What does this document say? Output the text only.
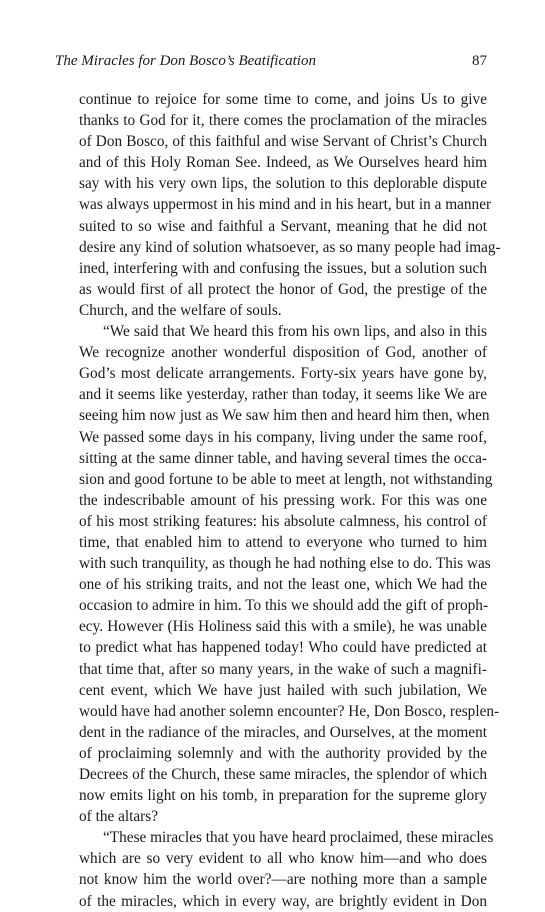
The Miracles for Don Bosco’s Beatification	87
continue to rejoice for some time to come, and joins Us to give
thanks to God for it, there comes the proclamation of the miracles
of Don Bosco, of this faithful and wise Servant of Christ’s Church
and of this Holy Roman See. Indeed, as We Ourselves heard him
say with his very own lips, the solution to this deplorable dispute
was always uppermost in his mind and in his heart, but in a manner
suited to so wise and faithful a Servant, meaning that he did not
desire any kind of solution whatsoever, as so many people had imag-
ined, interfering with and confusing the issues, but a solution such
as would first of all protect the honor of God, the prestige of the
Church, and the welfare of souls.
“We said that We heard this from his own lips, and also in this
We recognize another wonderful disposition of God, another of
God’s most delicate arrangements. Forty-six years have gone by,
and it seems like yesterday, rather than today, it seems like We are
seeing him now just as We saw him then and heard him then, when
We passed some days in his company, living under the same roof,
sitting at the same dinner table, and having several times the occa-
sion and good fortune to be able to meet at length, not withstanding
the indescribable amount of his pressing work. For this was one
of his most striking features: his absolute calmness, his control of
time, that enabled him to attend to everyone who turned to him
with such tranquility, as though he had nothing else to do. This was
one of his striking traits, and not the least one, which We had the
occasion to admire in him. To this we should add the gift of proph-
ecy. However (His Holiness said this with a smile), he was unable
to predict what has happened today! Who could have predicted at
that time that, after so many years, in the wake of such a magnifi-
cent event, which We have just hailed with such jubilation, We
would have had another solemn encounter? He, Don Bosco, resplen-
dent in the radiance of the miracles, and Ourselves, at the moment
of proclaiming solemnly and with the authority provided by the
Decrees of the Church, these same miracles, the splendor of which
now emits light on his tomb, in preparation for the supreme glory
of the altars?
“These miracles that you have heard proclaimed, these miracles
which are so very evident to all who know him—and who does
not know him the world over?—are nothing more than a sample
of the miracles, which in every way, are brightly evident in Don
